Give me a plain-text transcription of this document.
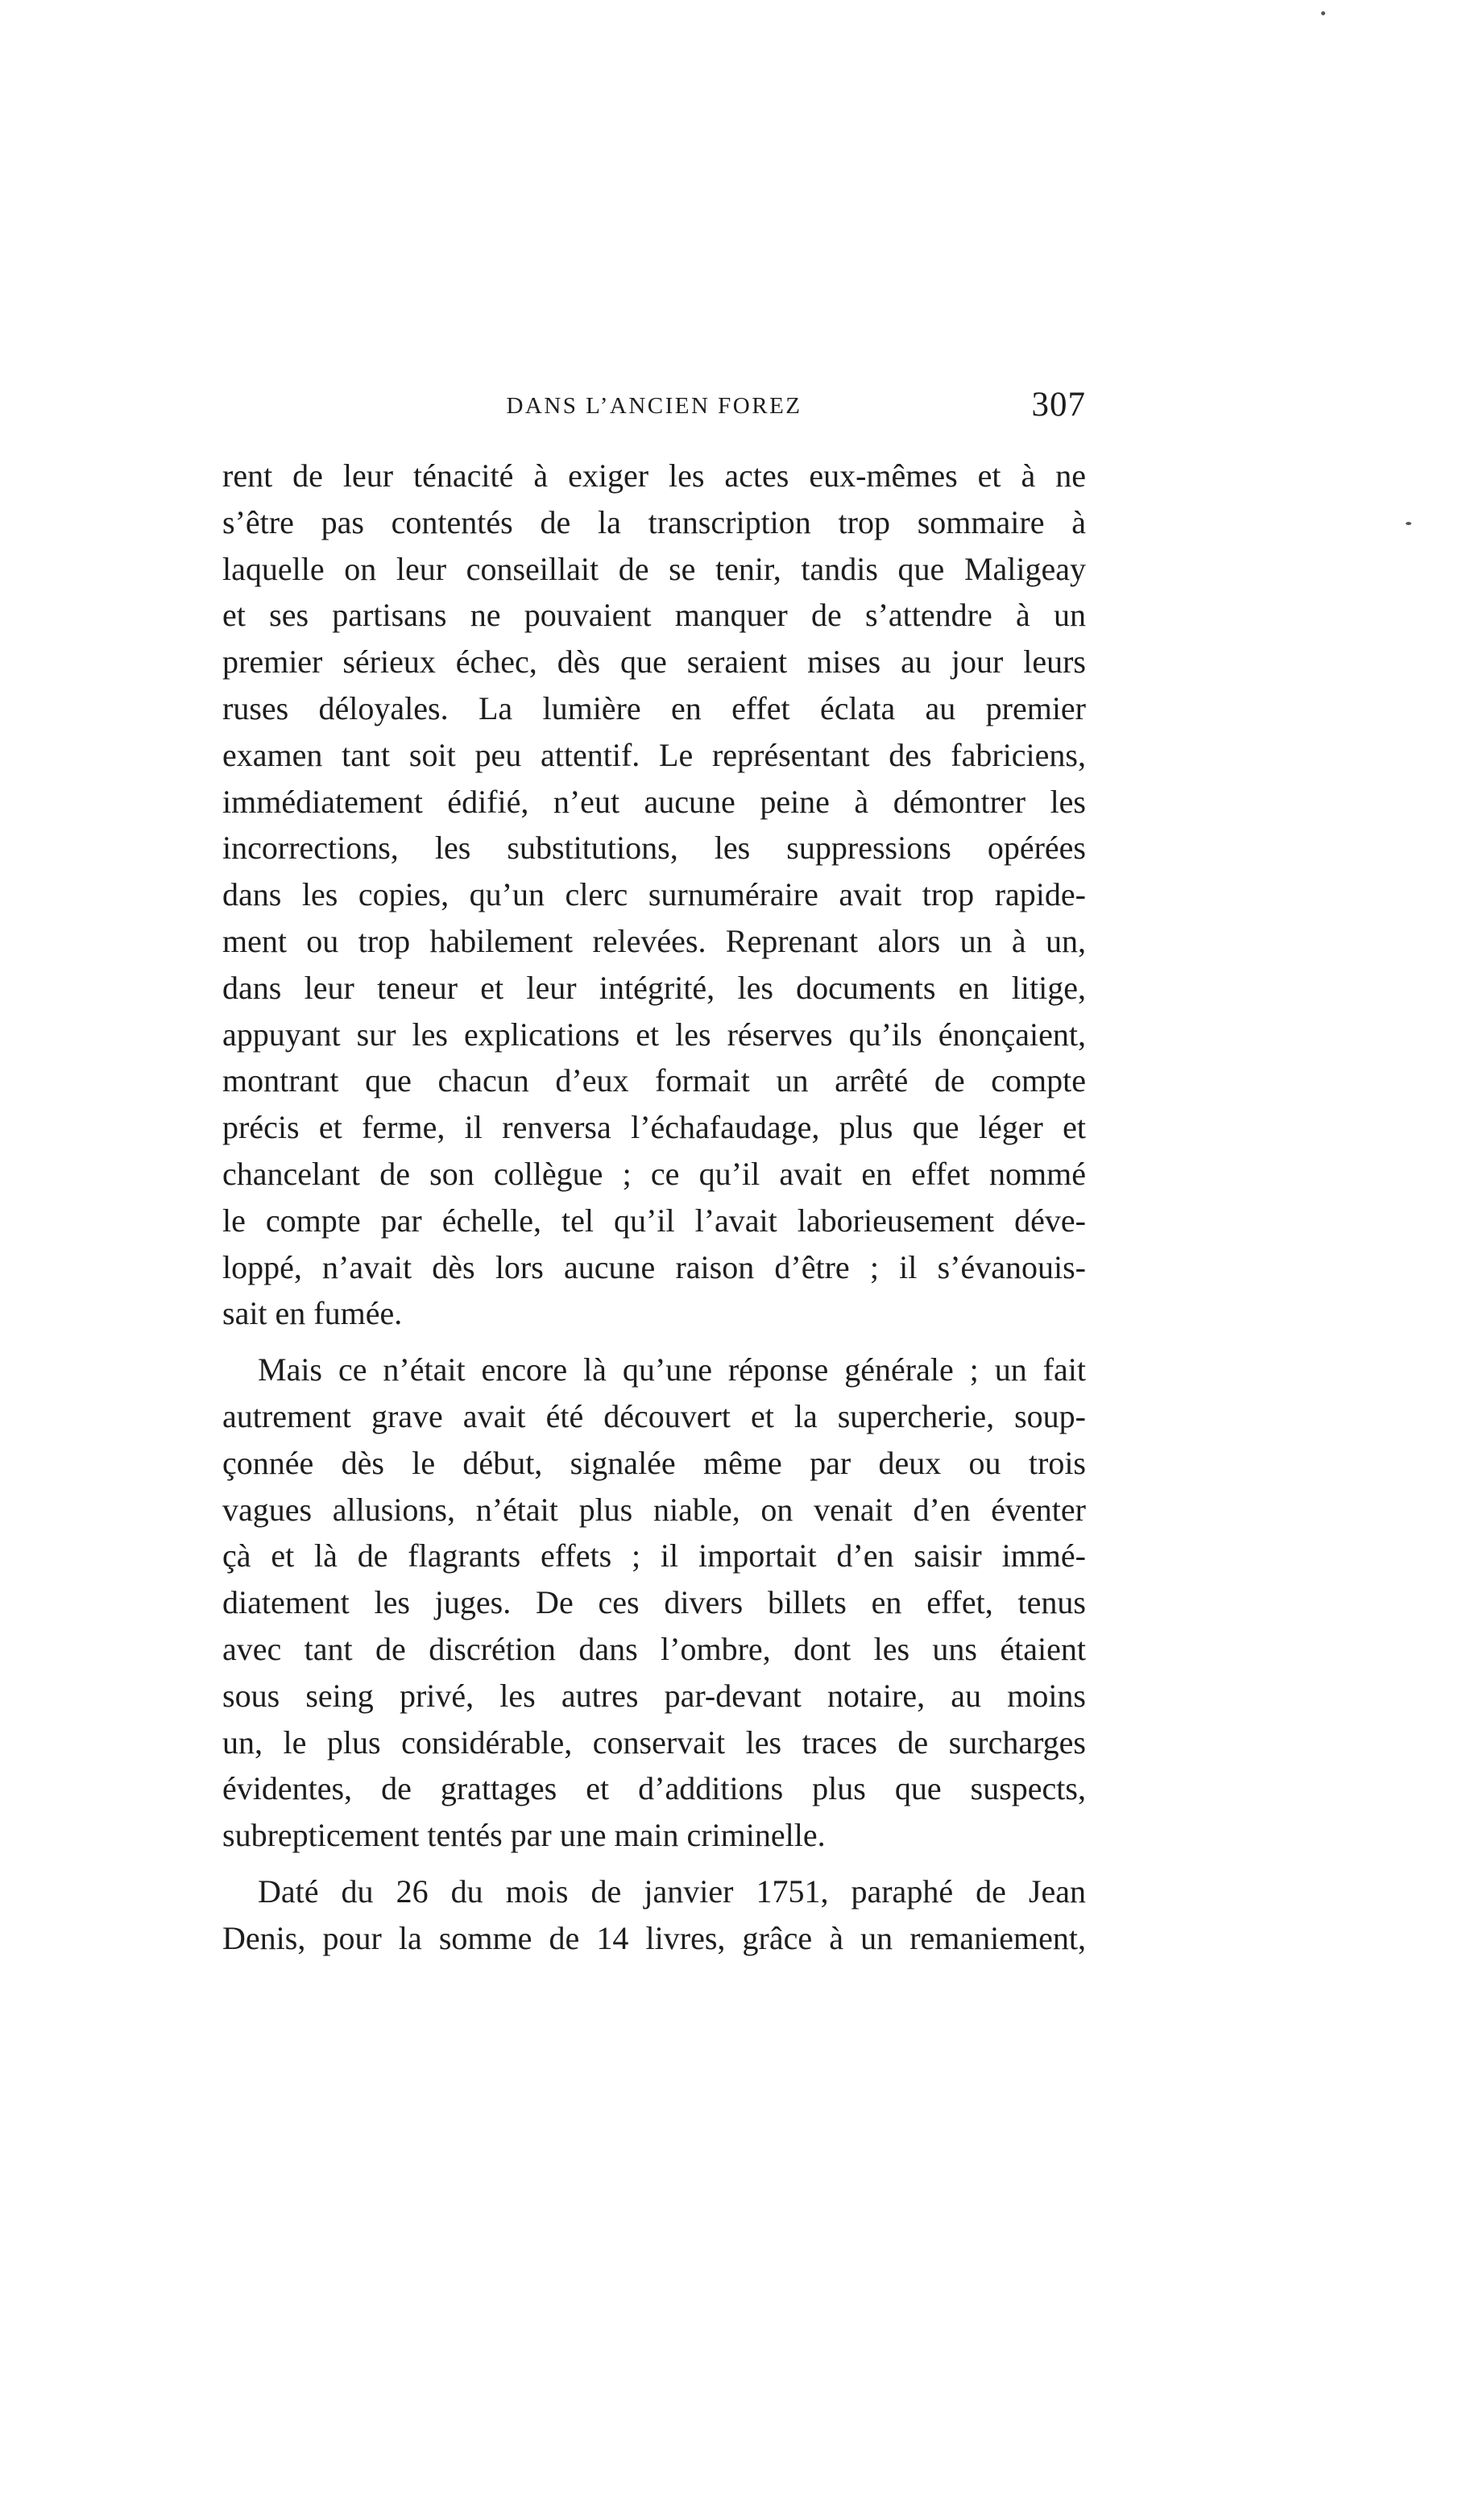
DANS L’ANCIEN FOREZ	307
rent de leur ténacité à exiger les actes eux-mêmes et à ne
s’être pas contentés de la transcription trop sommaire à
laquelle on leur conseillait de se tenir, tandis que Maligeay
et ses partisans ne pouvaient manquer de s’attendre à un
premier sérieux échec, dès que seraient mises au jour leurs
ruses déloyales. La lumière en effet éclata au premier
examen tant soit peu attentif. Le représentant des fabriciens,
immédiatement édifié, n’eut aucune peine à démontrer les
incorrections, les substitutions, les suppressions opérées
dans les copies, qu’un clerc surnuméraire avait trop rapide-
ment ou trop habilement relevées. Reprenant alors un à un,
dans leur teneur et leur intégrité, les documents en litige,
appuyant sur les explications et les réserves qu’ils énonçaient,
montrant que chacun d’eux formait un arrêté de compte
précis et ferme, il renversa l’échafaudage, plus que léger et
chancelant de son collègue ; ce qu’il avait en effet nommé
le compte par échelle, tel qu’il l’avait laborieusement déve-
loppé, n’avait dès lors aucune raison d’être ; il s’évanouis-
sait en fumée.
Mais ce n’était encore là qu’une réponse générale ; un fait
autrement grave avait été découvert et la supercherie, soup-
çonnée dès le début, signalée même par deux ou trois
vagues allusions, n’était plus niable, on venait d’en éventer
çà et là de flagrants effets ; il importait d’en saisir immé-
diatement les juges. De ces divers billets en effet, tenus
avec tant de discrétion dans l’ombre, dont les uns étaient
sous seing privé, les autres par-devant notaire, au moins
un, le plus considérable, conservait les traces de surcharges
évidentes, de grattages et d’additions plus que suspects,
subrepticement tentés par une main criminelle.
Daté du 26 du mois de janvier 1751, paraphé de Jean
Denis, pour la somme de 14 livres, grâce à un remaniement,
